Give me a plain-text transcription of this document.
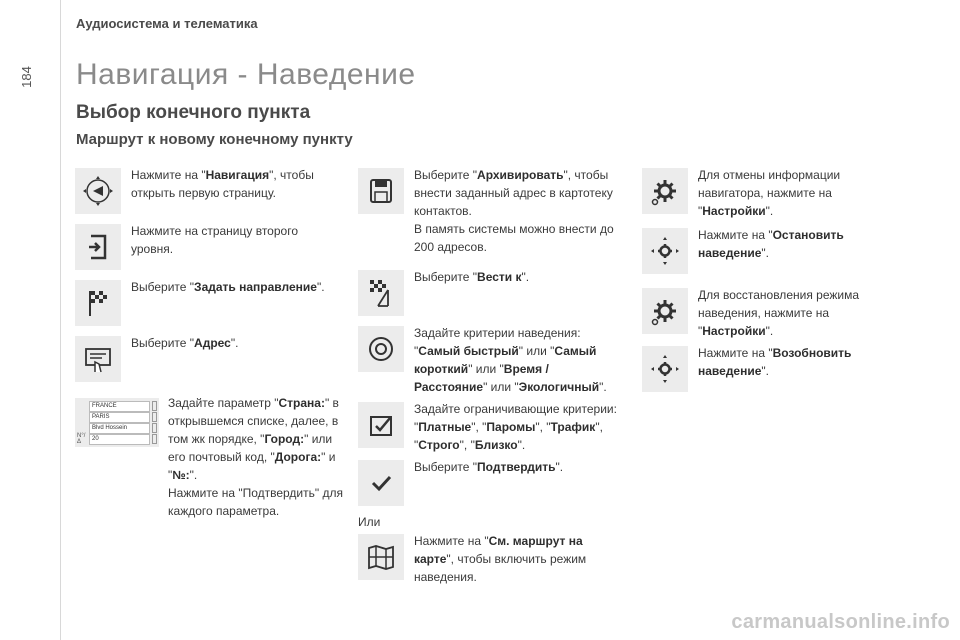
184
Аудиосистема и телематика
Навигация - Наведение
Выбор конечного пункта
Маршрут к новому конечному пункту
Нажмите на "Навигация", чтобы открыть первую страницу.
Нажмите на страницу второго уровня.
Выберите "Задать направление".
Выберите "Адрес".
FRANCE
PARIS
Blvd Hossein
N°/Δ
20
Задайте параметр "Страна:" в открывшемся списке, далее, в том жк порядке, "Город:" или его почтовый код, "Дорога:" и "№:".
Нажмите на "Подтвердить" для каждого параметра.
Выберите "Архивировать", чтобы внести заданный адрес в картотеку контактов.
В память системы можно внести до 200 адресов.
Выберите "Вести к".
Задайте критерии наведения: "Самый быстрый" или "Самый короткий" или "Время / Расстояние" или "Экологичный".
Задайте ограничивающие критерии: "Платные", "Паромы", "Трафик", "Строго", "Близко".
Выберите "Подтвердить".
Или
Нажмите на "См. маршрут на карте", чтобы включить режим наведения.
Для отмены информации навигатора, нажмите на "Настройки".
Нажмите на "Остановить наведение".
Для восстановления режима наведения, нажмите на "Настройки".
Нажмите на "Возобновить наведение".
carmanualsonline.info
